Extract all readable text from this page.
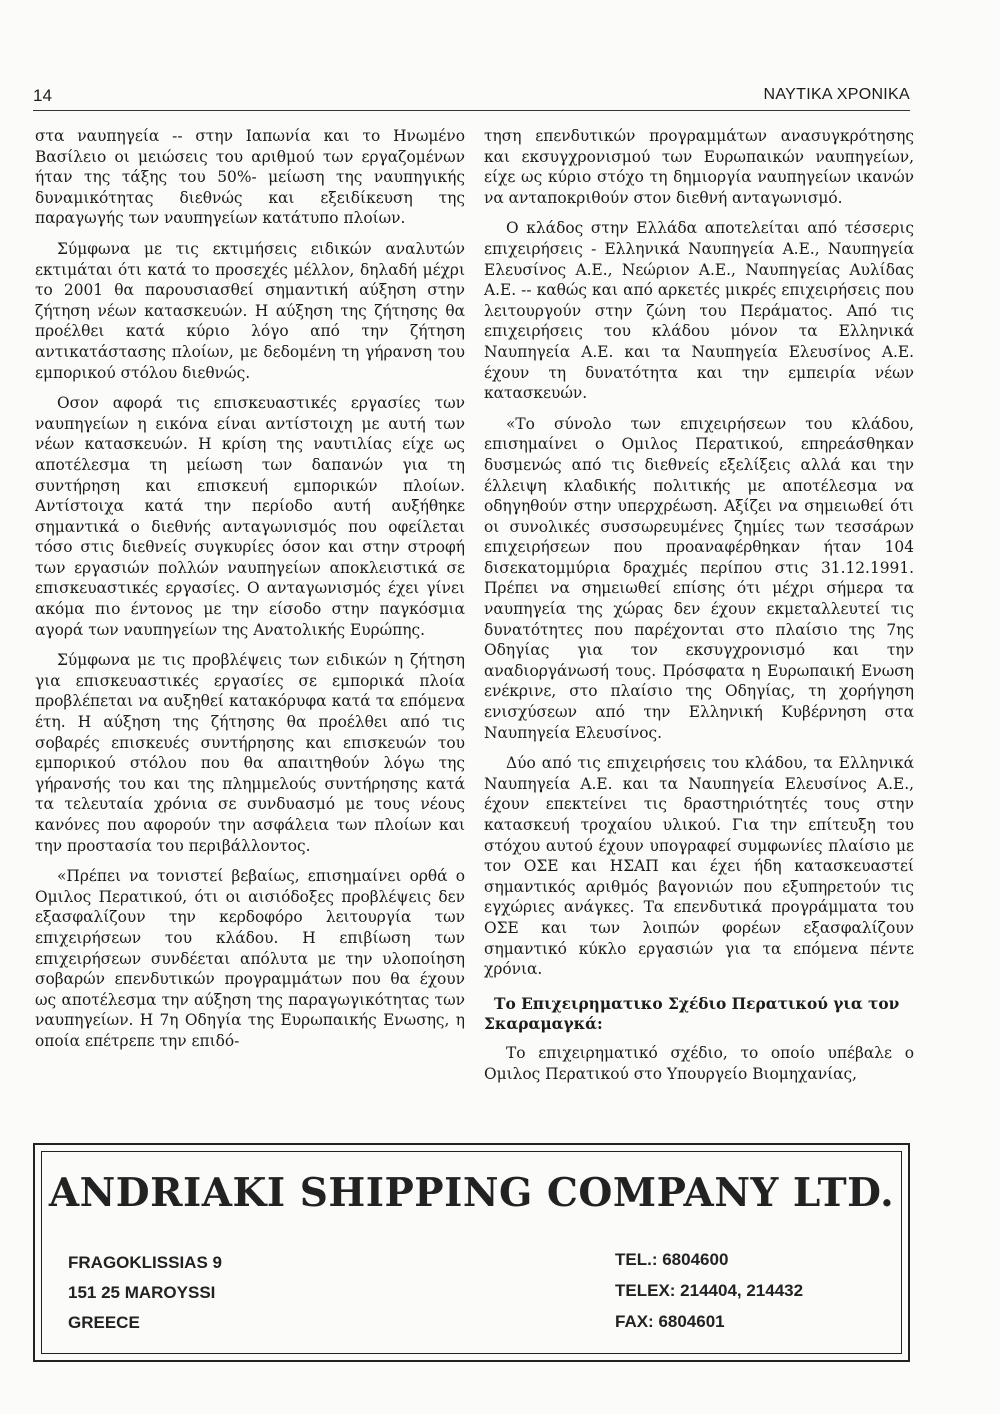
14	ΝΑΥΤΙΚΑ ΧΡΟΝΙΚΑ

στα ναυπηγεία -- στην Ιαπωνία και το Ηνωμένο Βασίλειο οι μειώσεις του αριθμού των εργαζομένων ήταν της τάξης του 50%- μείωση της ναυπηγικής δυναμικότητας διεθνώς και εξειδίκευση της παραγωγής των ναυπηγείων κατάτυπο πλοίων.

Σύμφωνα με τις εκτιμήσεις ειδικών αναλυτών εκτιμάται ότι κατά το προσεχές μέλλον, δηλαδή μέχρι το 2001 θα παρουσιασθεί σημαντική αύξηση στην ζήτηση νέων κατασκευών. Η αύξηση της ζήτησης θα προέλθει κατά κύριο λόγο από την ζήτηση αντικατάστασης πλοίων, με δεδομένη τη γήρανση του εμπορικού στόλου διεθνώς.

Οσον αφορά τις επισκευαστικές εργασίες των ναυπηγείων η εικόνα είναι αντίστοιχη με αυτή των νέων κατασκευών. Η κρίση της ναυτιλίας είχε ως αποτέλεσμα τη μείωση των δαπανών για τη συντήρηση και επισκευή εμπορικών πλοίων. Αντίστοιχα κατά την περίοδο αυτή αυξήθηκε σημαντικά ο διεθνής ανταγωνισμός που οφείλεται τόσο στις διεθνείς συγκυρίες όσον και στην στροφή των εργασιών πολλών ναυπηγείων αποκλειστικά σε επισκευαστικές εργασίες. Ο ανταγωνισμός έχει γίνει ακόμα πιο έντονος με την είσοδο στην παγκόσμια αγορά των ναυπηγείων της Ανατολικής Ευρώπης.

Σύμφωνα με τις προβλέψεις των ειδικών η ζήτηση για επισκευαστικές εργασίες σε εμπορικά πλοία προβλέπεται να αυξηθεί κατακόρυφα κατά τα επόμενα έτη. Η αύξηση της ζήτησης θα προέλθει από τις σοβαρές επισκευές συντήρησης και επισκευών του εμπορικού στόλου που θα απαιτηθούν λόγω της γήρανσής του και της πλημμελούς συντήρησης κατά τα τελευταία χρόνια σε συνδυασμό με τους νέους κανόνες που αφορούν την ασφάλεια των πλοίων και την προστασία του περιβάλλοντος.

«Πρέπει να τονιστεί βεβαίως, επισημαίνει ορθά ο Ομιλος Περατικού, ότι οι αισιόδοξες προβλέψεις δεν εξασφαλίζουν την κερδοφόρο λειτουργία των επιχειρήσεων του κλάδου. Η επιβίωση των επιχειρήσεων συνδέεται απόλυτα με την υλοποίηση σοβαρών επενδυτικών προγραμμάτων που θα έχουν ως αποτέλεσμα την αύξηση της παραγωγικότητας των ναυπηγείων. Η 7η Οδηγία της Ευρωπαικής Ενωσης, η οποία επέτρεπε την επιδό-

τηση επενδυτικών προγραμμάτων ανασυγκρότησης και εκσυγχρονισμού των Ευρωπαικών ναυπηγείων, είχε ως κύριο στόχο τη δημιοργία ναυπηγείων ικανών να ανταποκριθούν στον διεθνή ανταγωνισμό.

Ο κλάδος στην Ελλάδα αποτελείται από τέσσερις επιχειρήσεις - Ελληνικά Ναυπηγεία Α.Ε., Ναυπηγεία Ελευσίνος Α.Ε., Νεώριον Α.Ε., Ναυπηγείας Αυλίδας Α.Ε. -- καθώς και από αρκετές μικρές επιχειρήσεις που λειτουργούν στην ζώνη του Περάματος. Από τις επιχειρήσεις του κλάδου μόνον τα Ελληνικά Ναυπηγεία Α.Ε. και τα Ναυπηγεία Ελευσίνος Α.Ε. έχουν τη δυνατότητα και την εμπειρία νέων κατασκευών.

«Το σύνολο των επιχειρήσεων του κλάδου, επισημαίνει ο Ομιλος Περατικού, επηρεάσθηκαν δυσμενώς από τις διεθνείς εξελίξεις αλλά και την έλλειψη κλαδικής πολιτικής με αποτέλεσμα να οδηγηθούν στην υπερχρέωση. Αξίζει να σημειωθεί ότι οι συνολικές συσσωρευμένες ζημίες των τεσσάρων επιχειρήσεων που προαναφέρθηκαν ήταν 104 δισεκατομμύρια δραχμές περίπου στις 31.12.1991. Πρέπει να σημειωθεί επίσης ότι μέχρι σήμερα τα ναυπηγεία της χώρας δεν έχουν εκμεταλλευτεί τις δυνατότητες που παρέχονται στο πλαίσιο της 7ης Οδηγίας για τον εκσυγχρονισμό και την αναδιοργάνωσή τους. Πρόσφατα η Ευρωπαική Ενωση ενέκρινε, στο πλαίσιο της Οδηγίας, τη χορήγηση ενισχύσεων από την Ελληνική Κυβέρνηση στα Ναυπηγεία Ελευσίνος.

Δύο από τις επιχειρήσεις του κλάδου, τα Ελληνικά Ναυπηγεία Α.Ε. και τα Ναυπηγεία Ελευσίνος Α.Ε., έχουν επεκτείνει τις δραστηριότητές τους στην κατασκευή τροχαίου υλικού. Για την επίτευξη του στόχου αυτού έχουν υπογραφεί συμφωνίες πλαίσιο με τον ΟΣΕ και ΗΣΑΠ και έχει ήδη κατασκευαστεί σημαντικός αριθμός βαγονιών που εξυπηρετούν τις εγχώριες ανάγκες. Τα επενδυτικά προγράμματα του ΟΣΕ και των λοιπών φορέων εξασφαλίζουν σημαντικό κύκλο εργασιών για τα επόμενα πέντε χρόνια.

Το Επιχειρηματικο Σχέδιο Περατικού για τον Σκαραμαγκά:

Το επιχειρηματικό σχέδιο, το οποίο υπέβαλε ο Ομιλος Περατικού στο Υπουργείο Βιομηχανίας,

ANDRIAKI SHIPPING COMPANY LTD.
FRAGOKLISSIAS 9
151 25 MAROYSSI
GREECE
TEL.: 6804600
TELEX: 214404, 214432
FAX: 6804601
